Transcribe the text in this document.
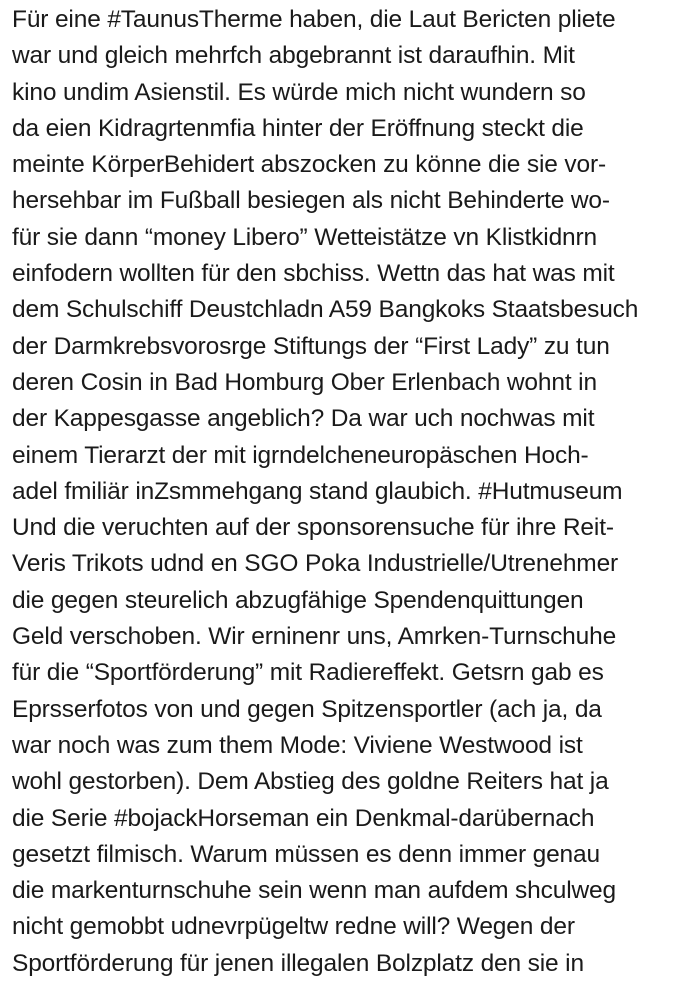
Für eine #TaunusTherme haben, die Laut Bericten pliete
war und gleich mehrfch abgebrannt ist daraufhin. Mit
kino undim Asienstil. Es würde mich nicht wundern so
da eien Kidragrtenmfia hinter der Eröffnung steckt die
meinte KörperBehidert abszocken zu könne die sie vor-
hersehbar im Fußball besiegen als nicht Behinderte wo-
für sie dann “money Libero” Wetteistätze vn Klistkidnrn
einfodern wollten für den sbchiss. Wettn das hat was mit
dem Schulschiff Deustchladn A59 Bangkoks Staatsbesuch
der Darmkrebsvorosrge Stiftungs der “First Lady” zu tun
deren Cosin in Bad Homburg Ober Erlenbach wohnt in
der Kappesgasse angeblich? Da war uch nochwas mit
einem Tierarzt der mit igrndelcheneuropäschen Hoch-
adel fmiliär inZsmmehgang stand glaubich. #Hutmuseum
Und die veruchten auf der sponsorensuche für ihre Reit-
Veris Trikots udnd en SGO Poka Industrielle/Utrenehmer
die gegen steurelich abzugfähige Spendenquittungen
Geld verschoben. Wir erninenr uns, Amrken-Turnschuhe
für die “Sportförderung” mit Radiereffekt. Getsrn gab es
Eprsserfotos von und gegen Spitzensportler (ach ja, da
war noch was zum them Mode: Viviene Westwood ist
wohl gestorben). Dem Abstieg des goldne Reiters hat ja
die Serie #bojackHorseman ein Denkmal-darübernach
gesetzt filmisch. Warum müssen es denn immer genau
die markenturnschuhe sein wenn man aufdem shculweg
nicht gemobbt udnevrpügeltw redne will? Wegen der
Sportförderung für jenen illegalen Bolzplatz den sie in
